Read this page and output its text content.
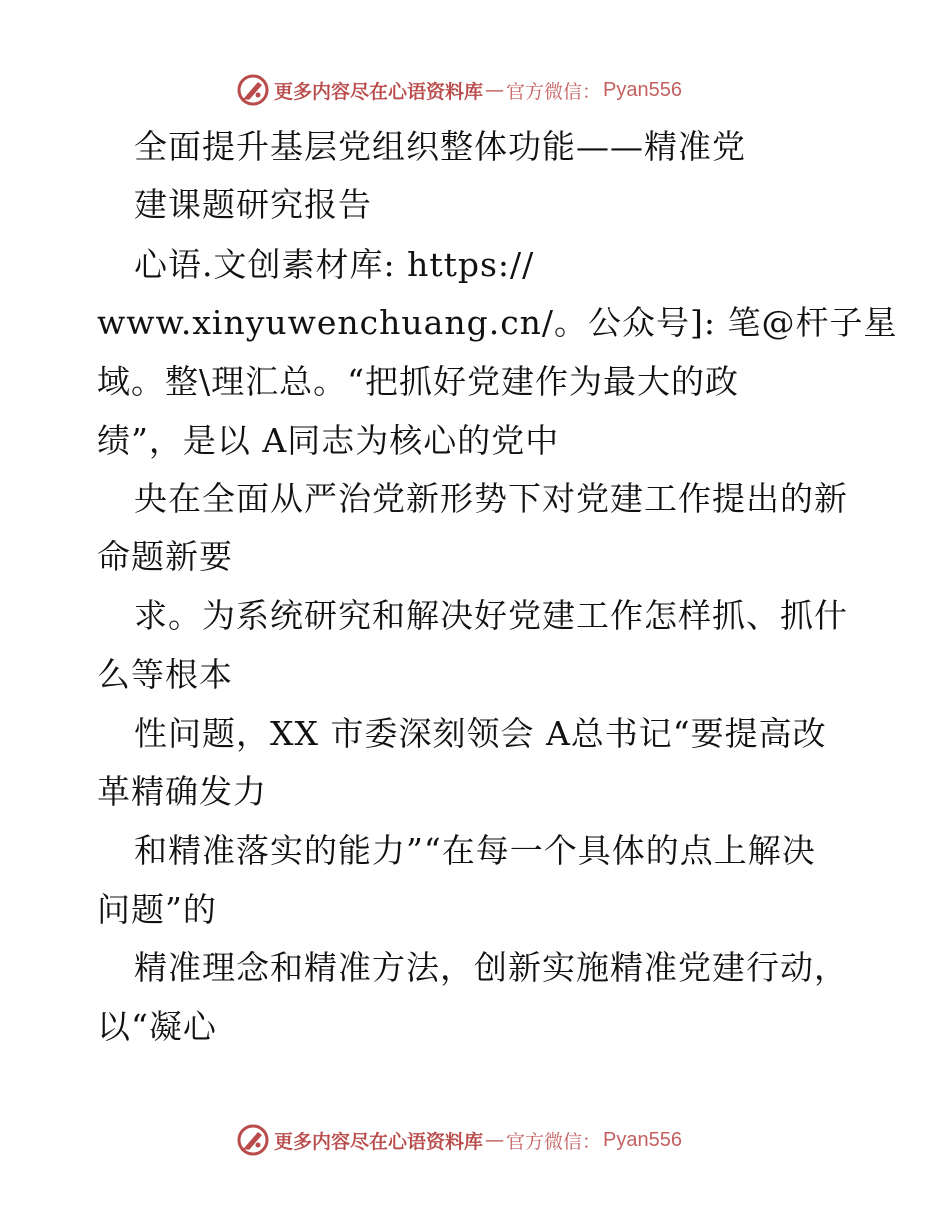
更多内容尽在心语资料库 — 官方微信： Pyan556
全面提升基层党组织整体功能——精准党
建课题研究报告
心语.文创素材库: https://
www.xinyuwenchuang.cn/。公众号]: 笔@杆子星
域。整\理汇总。“把抓好党建作为最大的政
绩”，是以 A同志为核心的党中
央在全面从严治党新形势下对党建工作提出的新
命题新要
求。为系统研究和解决好党建工作怎样抓、抓什
么等根本
性问题，XX 市委深刻领会 A总书记“要提高改
革精确发力
和精准落实的能力”“在每一个具体的点上解决
问题”的
精准理念和精准方法，创新实施精准党建行动，
以“凝心
更多内容尽在心语资料库 — 官方微信： Pyan556
